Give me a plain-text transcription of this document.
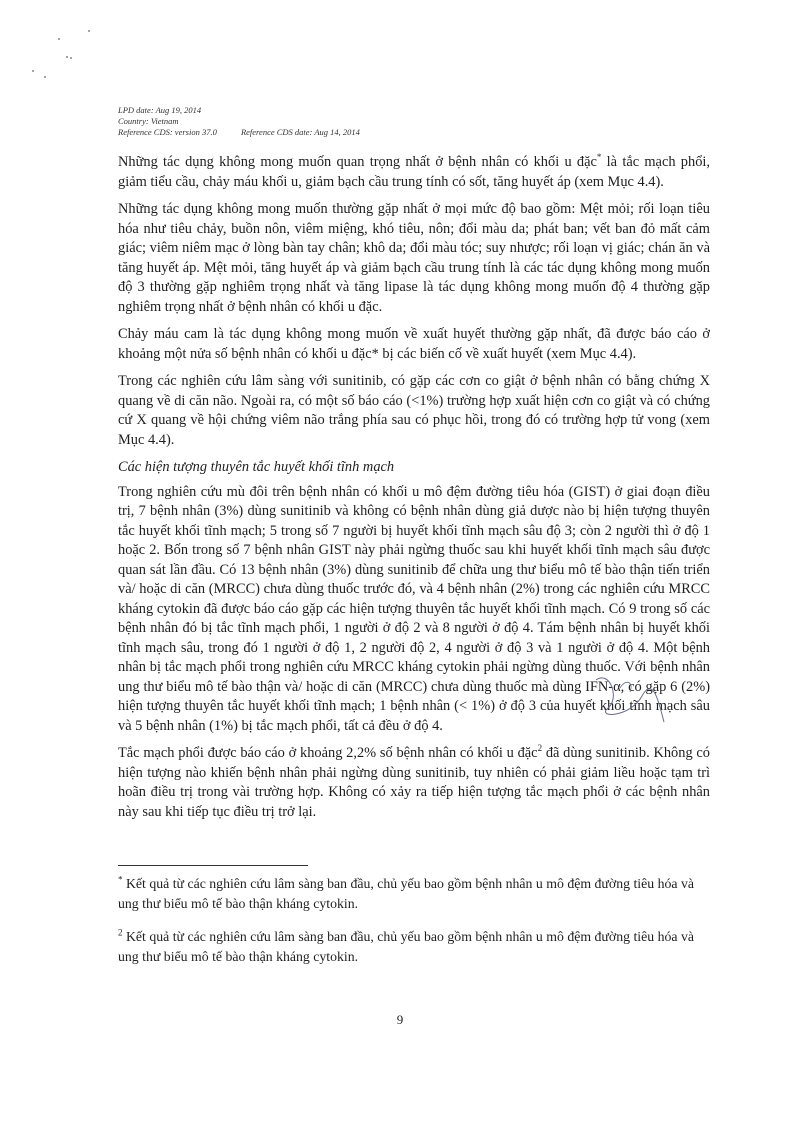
LPD date: Aug 19, 2014
Country: Vietnam
Reference CDS: version 37.0	Reference CDS date: Aug 14, 2014

Những tác dụng không mong muốn quan trọng nhất ở bệnh nhân có khối u đặc* là tắc mạch phổi, giảm tiểu cầu, chảy máu khối u, giảm bạch cầu trung tính có sốt, tăng huyết áp (xem Mục 4.4).

Những tác dụng không mong muốn thường gặp nhất ở mọi mức độ bao gồm: Mệt mỏi; rối loạn tiêu hóa như tiêu chảy, buồn nôn, viêm miệng, khó tiêu, nôn; đổi màu da; phát ban; vết ban đỏ mất cảm giác; viêm niêm mạc ở lòng bàn tay chân; khô da; đổi màu tóc; suy nhược; rối loạn vị giác; chán ăn và tăng huyết áp. Mệt mỏi, tăng huyết áp và giảm bạch cầu trung tính là các tác dụng không mong muốn độ 3 thường gặp nghiêm trọng nhất và tăng lipase là tác dụng không mong muốn độ 4 thường gặp nghiêm trọng nhất ở bệnh nhân có khối u đặc.

Chảy máu cam là tác dụng không mong muốn về xuất huyết thường gặp nhất, đã được báo cáo ở khoảng một nửa số bệnh nhân có khối u đặc* bị các biến cố về xuất huyết (xem Mục 4.4).

Trong các nghiên cứu lâm sàng với sunitinib, có gặp các cơn co giật ở bệnh nhân có bằng chứng X quang về di căn não. Ngoài ra, có một số báo cáo (<1%) trường hợp xuất hiện cơn co giật và có chứng cứ X quang về hội chứng viêm não trắng phía sau có phục hồi, trong đó có trường hợp tử vong (xem Mục 4.4).

Các hiện tượng thuyên tắc huyết khối tĩnh mạch

Trong nghiên cứu mù đôi trên bệnh nhân có khối u mô đệm đường tiêu hóa (GIST) ở giai đoạn điều trị, 7 bệnh nhân (3%) dùng sunitinib và không có bệnh nhân dùng giả dược nào bị hiện tượng thuyên tắc huyết khối tĩnh mạch; 5 trong số 7 người bị huyết khối tĩnh mạch sâu độ 3; còn 2 người thì ở độ 1 hoặc 2. Bốn trong số 7 bệnh nhân GIST này phải ngừng thuốc sau khi huyết khối tĩnh mạch sâu được quan sát lần đầu. Có 13 bệnh nhân (3%) dùng sunitinib để chữa ung thư biểu mô tế bào thận tiến triển và/ hoặc di căn (MRCC) chưa dùng thuốc trước đó, và 4 bệnh nhân (2%) trong các nghiên cứu MRCC kháng cytokin đã được báo cáo gặp các hiện tượng thuyên tắc huyết khối tĩnh mạch. Có 9 trong số các bệnh nhân đó bị tắc tĩnh mạch phổi, 1 người ở độ 2 và 8 người ở độ 4. Tám bệnh nhân bị huyết khối tĩnh mạch sâu, trong đó 1 người ở độ 1, 2 người độ 2, 4 người ở độ 3 và 1 người ở độ 4. Một bệnh nhân bị tắc mạch phổi trong nghiên cứu MRCC kháng cytokin phải ngừng dùng thuốc. Với bệnh nhân ung thư biểu mô tế bào thận và/ hoặc di căn (MRCC) chưa dùng thuốc mà dùng IFN-α, có gặp 6 (2%) hiện tượng thuyên tắc huyết khối tĩnh mạch; 1 bệnh nhân (< 1%) ở độ 3 của huyết khối tĩnh mạch sâu và 5 bệnh nhân (1%) bị tắc mạch phổi, tất cả đều ở độ 4.

Tắc mạch phổi được báo cáo ở khoảng 2,2% số bệnh nhân có khối u đặc$^2$ đã dùng sunitinib. Không có hiện tượng nào khiến bệnh nhân phải ngừng dùng sunitinib, tuy nhiên có phải giảm liều hoặc tạm trì hoãn điều trị trong vài trường hợp. Không có xảy ra tiếp hiện tượng tắc mạch phổi ở các bệnh nhân này sau khi tiếp tục điều trị trở lại.

* Kết quả từ các nghiên cứu lâm sàng ban đầu, chủ yếu bao gồm bệnh nhân u mô đệm đường tiêu hóa và ung thư biểu mô tế bào thận kháng cytokin.

$^2$ Kết quả từ các nghiên cứu lâm sàng ban đầu, chủ yếu bao gồm bệnh nhân u mô đệm đường tiêu hóa và ung thư biểu mô tế bào thận kháng cytokin.

9
